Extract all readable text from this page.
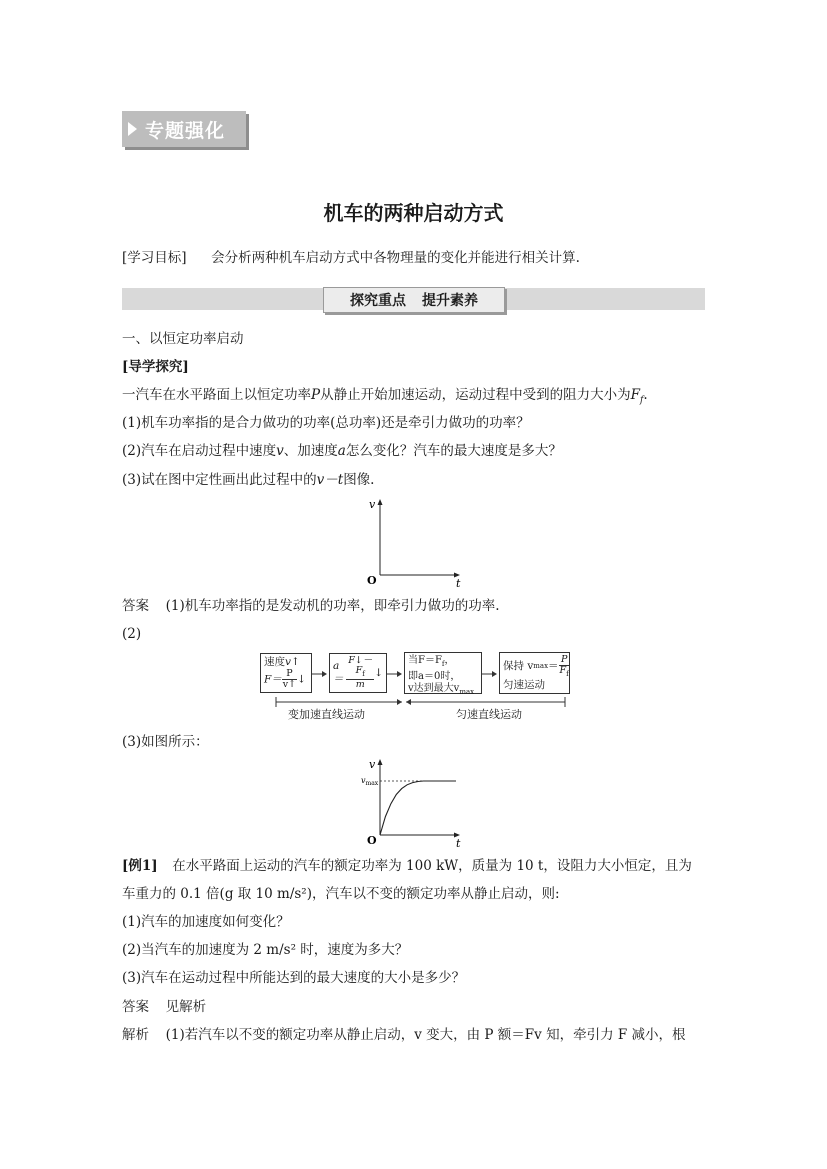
专题强化
机车的两种启动方式
[学习目标] 会分析两种机车启动方式中各物理量的变化并能进行相关计算.
探究重点 提升素养
一、以恒定功率启动
[导学探究]
一汽车在水平路面上以恒定功率P从静止开始加速运动，运动过程中受到的阻力大小为$F_f$.
(1)机车功率指的是合力做功的功率(总功率)还是牵引力做功的功率？
(2)汽车在启动过程中速度v、加速度a怎么变化？汽车的最大速度是多大？
(3)试在图中定性画出此过程中的v－t图像.
v
t
O
答案 (1)机车功率指的是发动机的功率，即牵引力做功的功率.
(2)
速度v↑
$F= \frac{P}{v↑}$ ↓
$a= \frac{F↓-F_f}{m}$ ↓
当$F=F_f$，
即a＝0时，
v达到最大$v_{max}$
保持 v $\max = \frac{P}{F_f}$
匀速运动
变加速直线运动	匀速直线运动
(3)如图所示：
v
t
O
$v_{max}$
[例1] 在水平路面上运动的汽车的额定功率为 100 kW，质量为 10 t，设阻力大小恒定，且为
车重力的 0.1 倍(g 取 10 m/s²)，汽车以不变的额定功率从静止启动，则:
(1)汽车的加速度如何变化？
(2)当汽车的加速度为 2 m/s² 时，速度为多大？
(3)汽车在运动过程中所能达到的最大速度的大小是多少？
答案 见解析
解析 (1)若汽车以不变的额定功率从静止启动，v 变大，由 P 额＝Fv 知，牵引力 F 减小，根
